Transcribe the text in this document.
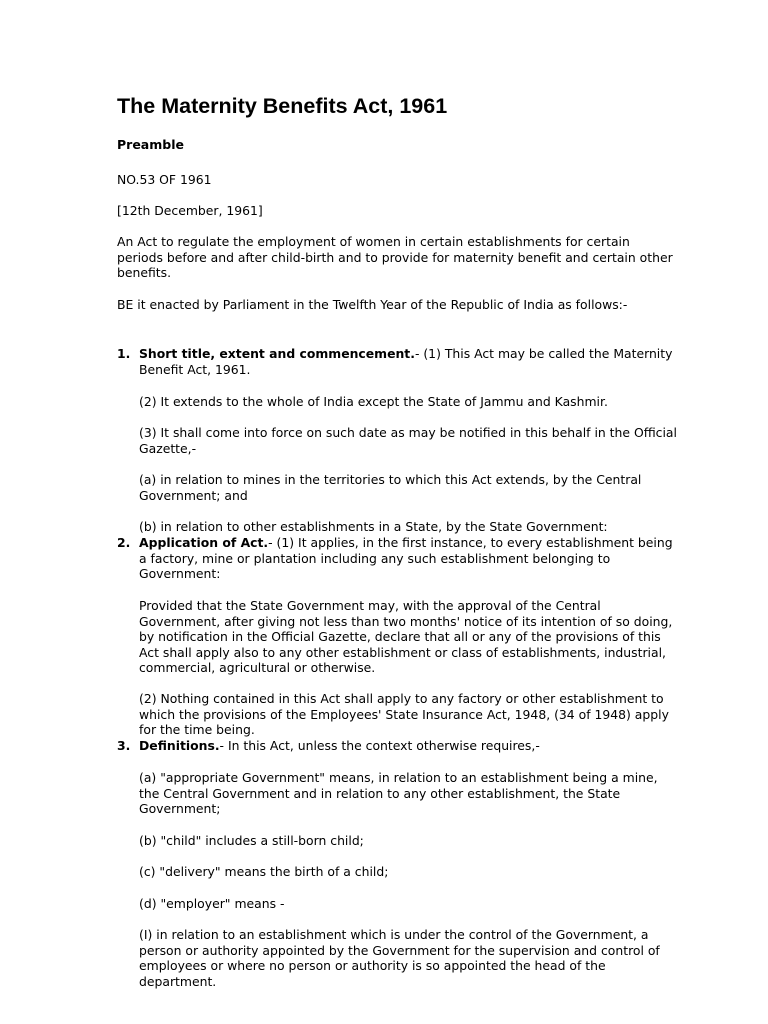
The Maternity Benefits Act, 1961
Preamble

NO.53 OF 1961

[12th December, 1961]

An Act to regulate the employment of women in certain establishments for certain periods before and after child-birth and to provide for maternity benefit and certain other benefits.

BE it enacted by Parliament in the Twelfth Year of the Republic of India as follows:-

1. Short title, extent and commencement.- (1) This Act may be called the Maternity Benefit Act, 1961.

(2) It extends to the whole of India except the State of Jammu and Kashmir.

(3) It shall come into force on such date as may be notified in this behalf in the Official Gazette,-

(a) in relation to mines in the territories to which this Act extends, by the Central Government; and

(b) in relation to other establishments in a State, by the State Government:

2. Application of Act.- (1) It applies, in the first instance, to every establishment being a factory, mine or plantation including any such establishment belonging to Government:

Provided that the State Government may, with the approval of the Central Government, after giving not less than two months' notice of its intention of so doing, by notification in the Official Gazette, declare that all or any of the provisions of this Act shall apply also to any other establishment or class of establishments, industrial, commercial, agricultural or otherwise.

(2) Nothing contained in this Act shall apply to any factory or other establishment to which the provisions of the Employees' State Insurance Act, 1948, (34 of 1948) apply for the time being.

3. Definitions.- In this Act, unless the context otherwise requires,-

(a) "appropriate Government" means, in relation to an establishment being a mine, the Central Government and in relation to any other establishment, the State Government;

(b) "child" includes a still-born child;

(c) "delivery" means the birth of a child;

(d) "employer" means -

(I) in relation to an establishment which is under the control of the Government, a person or authority appointed by the Government for the supervision and control of employees or where no person or authority is so appointed the head of the department.
